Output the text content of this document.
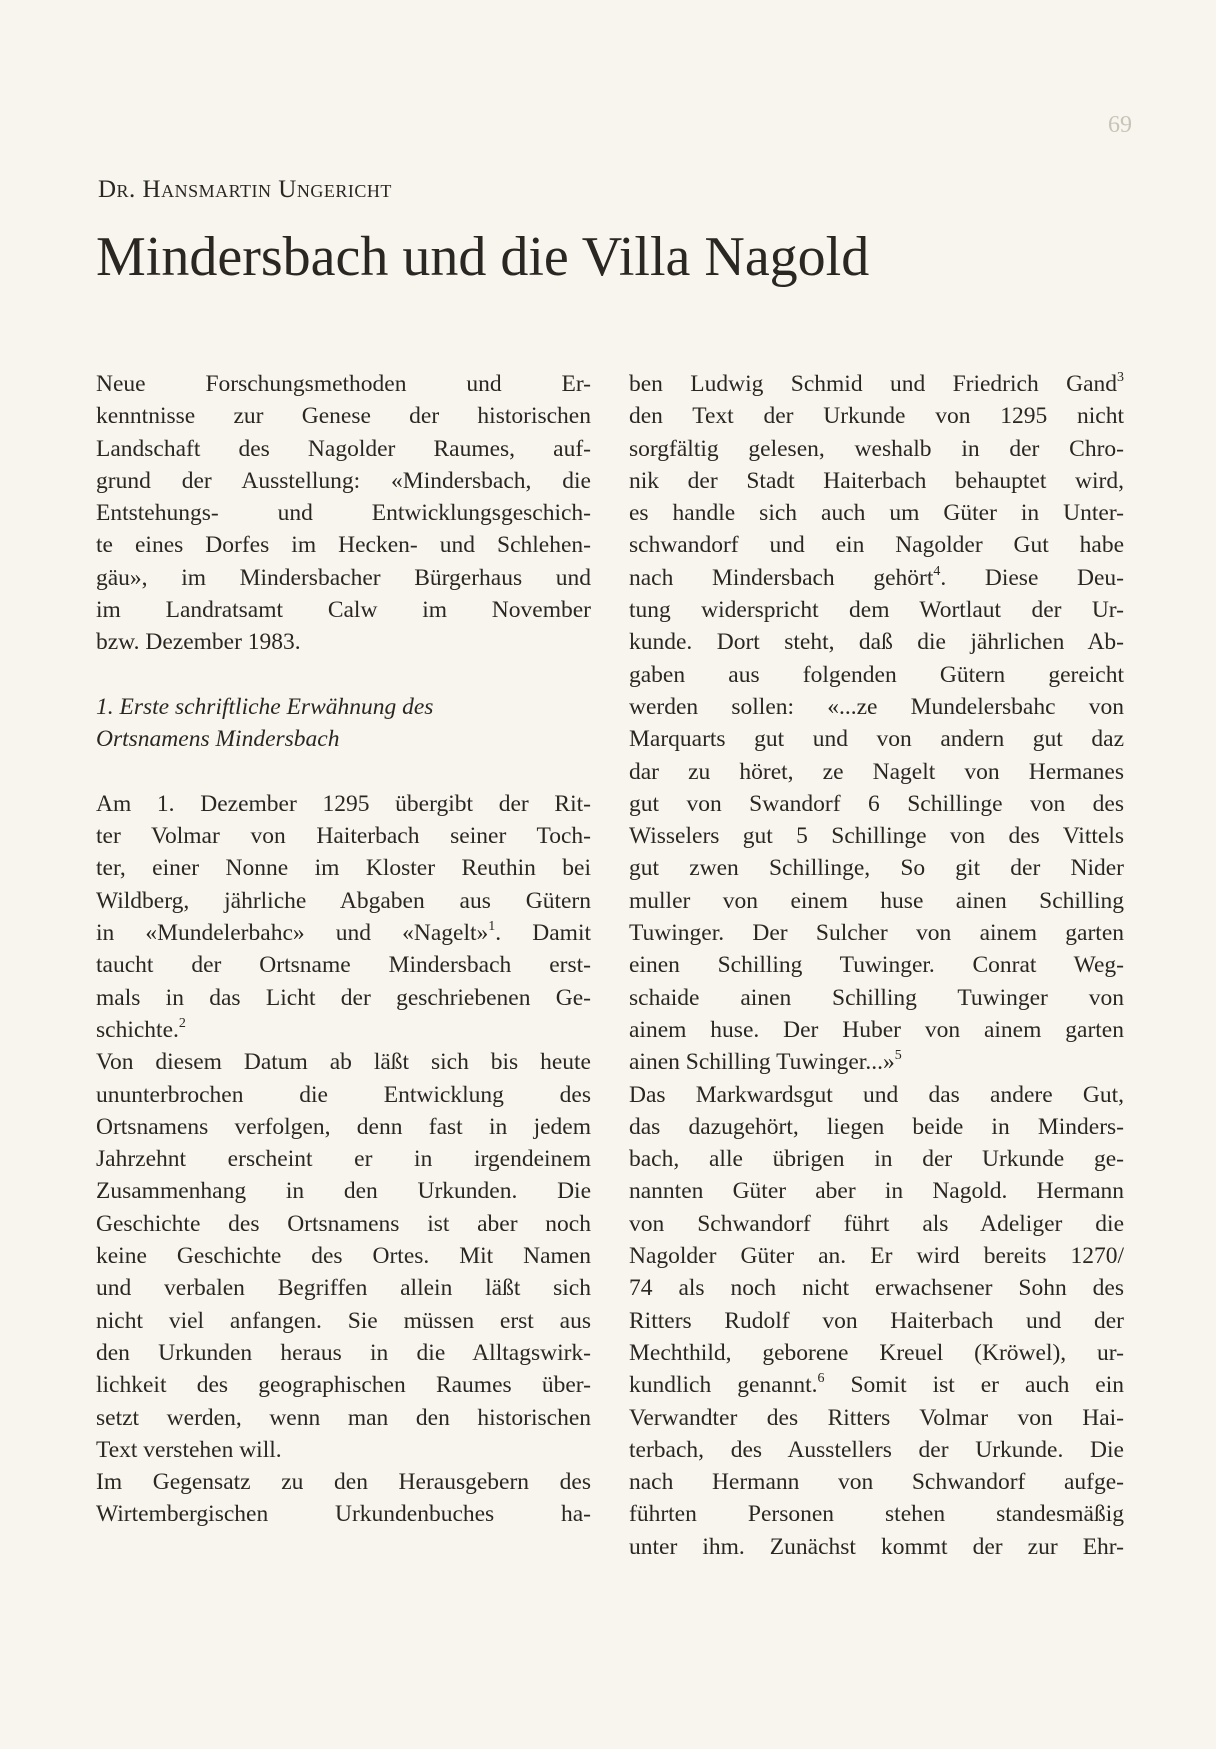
69
Dr. Hansmartin Ungericht
Mindersbach und die Villa Nagold
Neue Forschungsmethoden und Er-
kenntnisse zur Genese der historischen
Landschaft des Nagolder Raumes, auf-
grund der Ausstellung: «Mindersbach, die
Entstehungs- und Entwicklungsgeschich-
te eines Dorfes im Hecken- und Schlehen-
gäu», im Mindersbacher Bürgerhaus und
im Landratsamt Calw im November
bzw. Dezember 1983.
1. Erste schriftliche Erwähnung des
Ortsnamens Mindersbach
Am 1. Dezember 1295 übergibt der Rit-
ter Volmar von Haiterbach seiner Toch-
ter, einer Nonne im Kloster Reuthin bei
Wildberg, jährliche Abgaben aus Gütern
in «Mundelerbahc» und «Nagelt»$^1$. Damit
taucht der Ortsname Mindersbach erst-
mals in das Licht der geschriebenen Ge-
schichte.$^2$
Von diesem Datum ab läßt sich bis heute
ununterbrochen die Entwicklung des
Ortsnamens verfolgen, denn fast in jedem
Jahrzehnt erscheint er in irgendeinem
Zusammenhang in den Urkunden. Die
Geschichte des Ortsnamens ist aber noch
keine Geschichte des Ortes. Mit Namen
und verbalen Begriffen allein läßt sich
nicht viel anfangen. Sie müssen erst aus
den Urkunden heraus in die Alltagswirk-
lichkeit des geographischen Raumes über-
setzt werden, wenn man den historischen
Text verstehen will.
Im Gegensatz zu den Herausgebern des
Wirtembergischen Urkundenbuches ha-
ben Ludwig Schmid und Friedrich Gand$^3$
den Text der Urkunde von 1295 nicht
sorgfältig gelesen, weshalb in der Chro-
nik der Stadt Haiterbach behauptet wird,
es handle sich auch um Güter in Unter-
schwandorf und ein Nagolder Gut habe
nach Mindersbach gehört$^4$. Diese Deu-
tung widerspricht dem Wortlaut der Ur-
kunde. Dort steht, daß die jährlichen Ab-
gaben aus folgenden Gütern gereicht
werden sollen: «...ze Mundelersbahc von
Marquarts gut und von andern gut daz
dar zu höret, ze Nagelt von Hermanes
gut von Swandorf 6 Schillinge von des
Wisselers gut 5 Schillinge von des Vittels
gut zwen Schillinge, So git der Nider
muller von einem huse ainen Schilling
Tuwinger. Der Sulcher von ainem garten
einen Schilling Tuwinger. Conrat Weg-
schaide ainen Schilling Tuwinger von
ainem huse. Der Huber von ainem garten
ainen Schilling Tuwinger...»$^5$
Das Markwardsgut und das andere Gut,
das dazugehört, liegen beide in Minders-
bach, alle übrigen in der Urkunde ge-
nannten Güter aber in Nagold. Hermann
von Schwandorf führt als Adeliger die
Nagolder Güter an. Er wird bereits 1270/
74 als noch nicht erwachsener Sohn des
Ritters Rudolf von Haiterbach und der
Mechthild, geborene Kreuel (Kröwel), ur-
kundlich genannt.$^6$ Somit ist er auch ein
Verwandter des Ritters Volmar von Hai-
terbach, des Ausstellers der Urkunde. Die
nach Hermann von Schwandorf aufge-
führten Personen stehen standesmäßig
unter ihm. Zunächst kommt der zur Ehr-
